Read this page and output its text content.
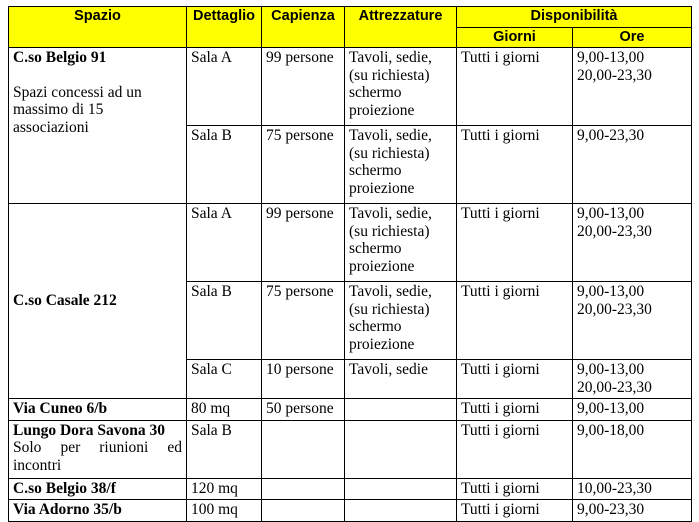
Spazio	Dettaglio	Capienza	Attrezzature	Disponibilità	
				Giorni	Ore

C.so Belgio 91
Spazi concessi ad un massimo di 15 associazioni	Sala A	99 persone	Tavoli, sedie, (su richiesta) schermo proiezione	Tutti i giorni	9,00-13,00
20,00-23,30

	Sala B	75 persone	Tavoli, sedie, (su richiesta) schermo proiezione	Tutti i giorni	9,00-23,30

C.so Casale 212	Sala A	99 persone	Tavoli, sedie, (su richiesta) schermo proiezione	Tutti i giorni	9,00-13,00
20,00-23,30

	Sala B	75 persone	Tavoli, sedie, (su richiesta) schermo proiezione	Tutti i giorni	9,00-13,00
20,00-23,30

	Sala C	10 persone	Tavoli, sedie	Tutti i giorni	9,00-13,00
20,00-23,30

Via Cuneo 6/b	80 mq	50 persone		Tutti i giorni	9,00-13,00

Lungo Dora Savona 30
Solo per riunioni ed incontri	Sala B			Tutti i giorni	9,00-18,00

C.so Belgio 38/f	120 mq			Tutti i giorni	10,00-23,30

Via Adorno 35/b	100 mq			Tutti i giorni	9,00-23,30
